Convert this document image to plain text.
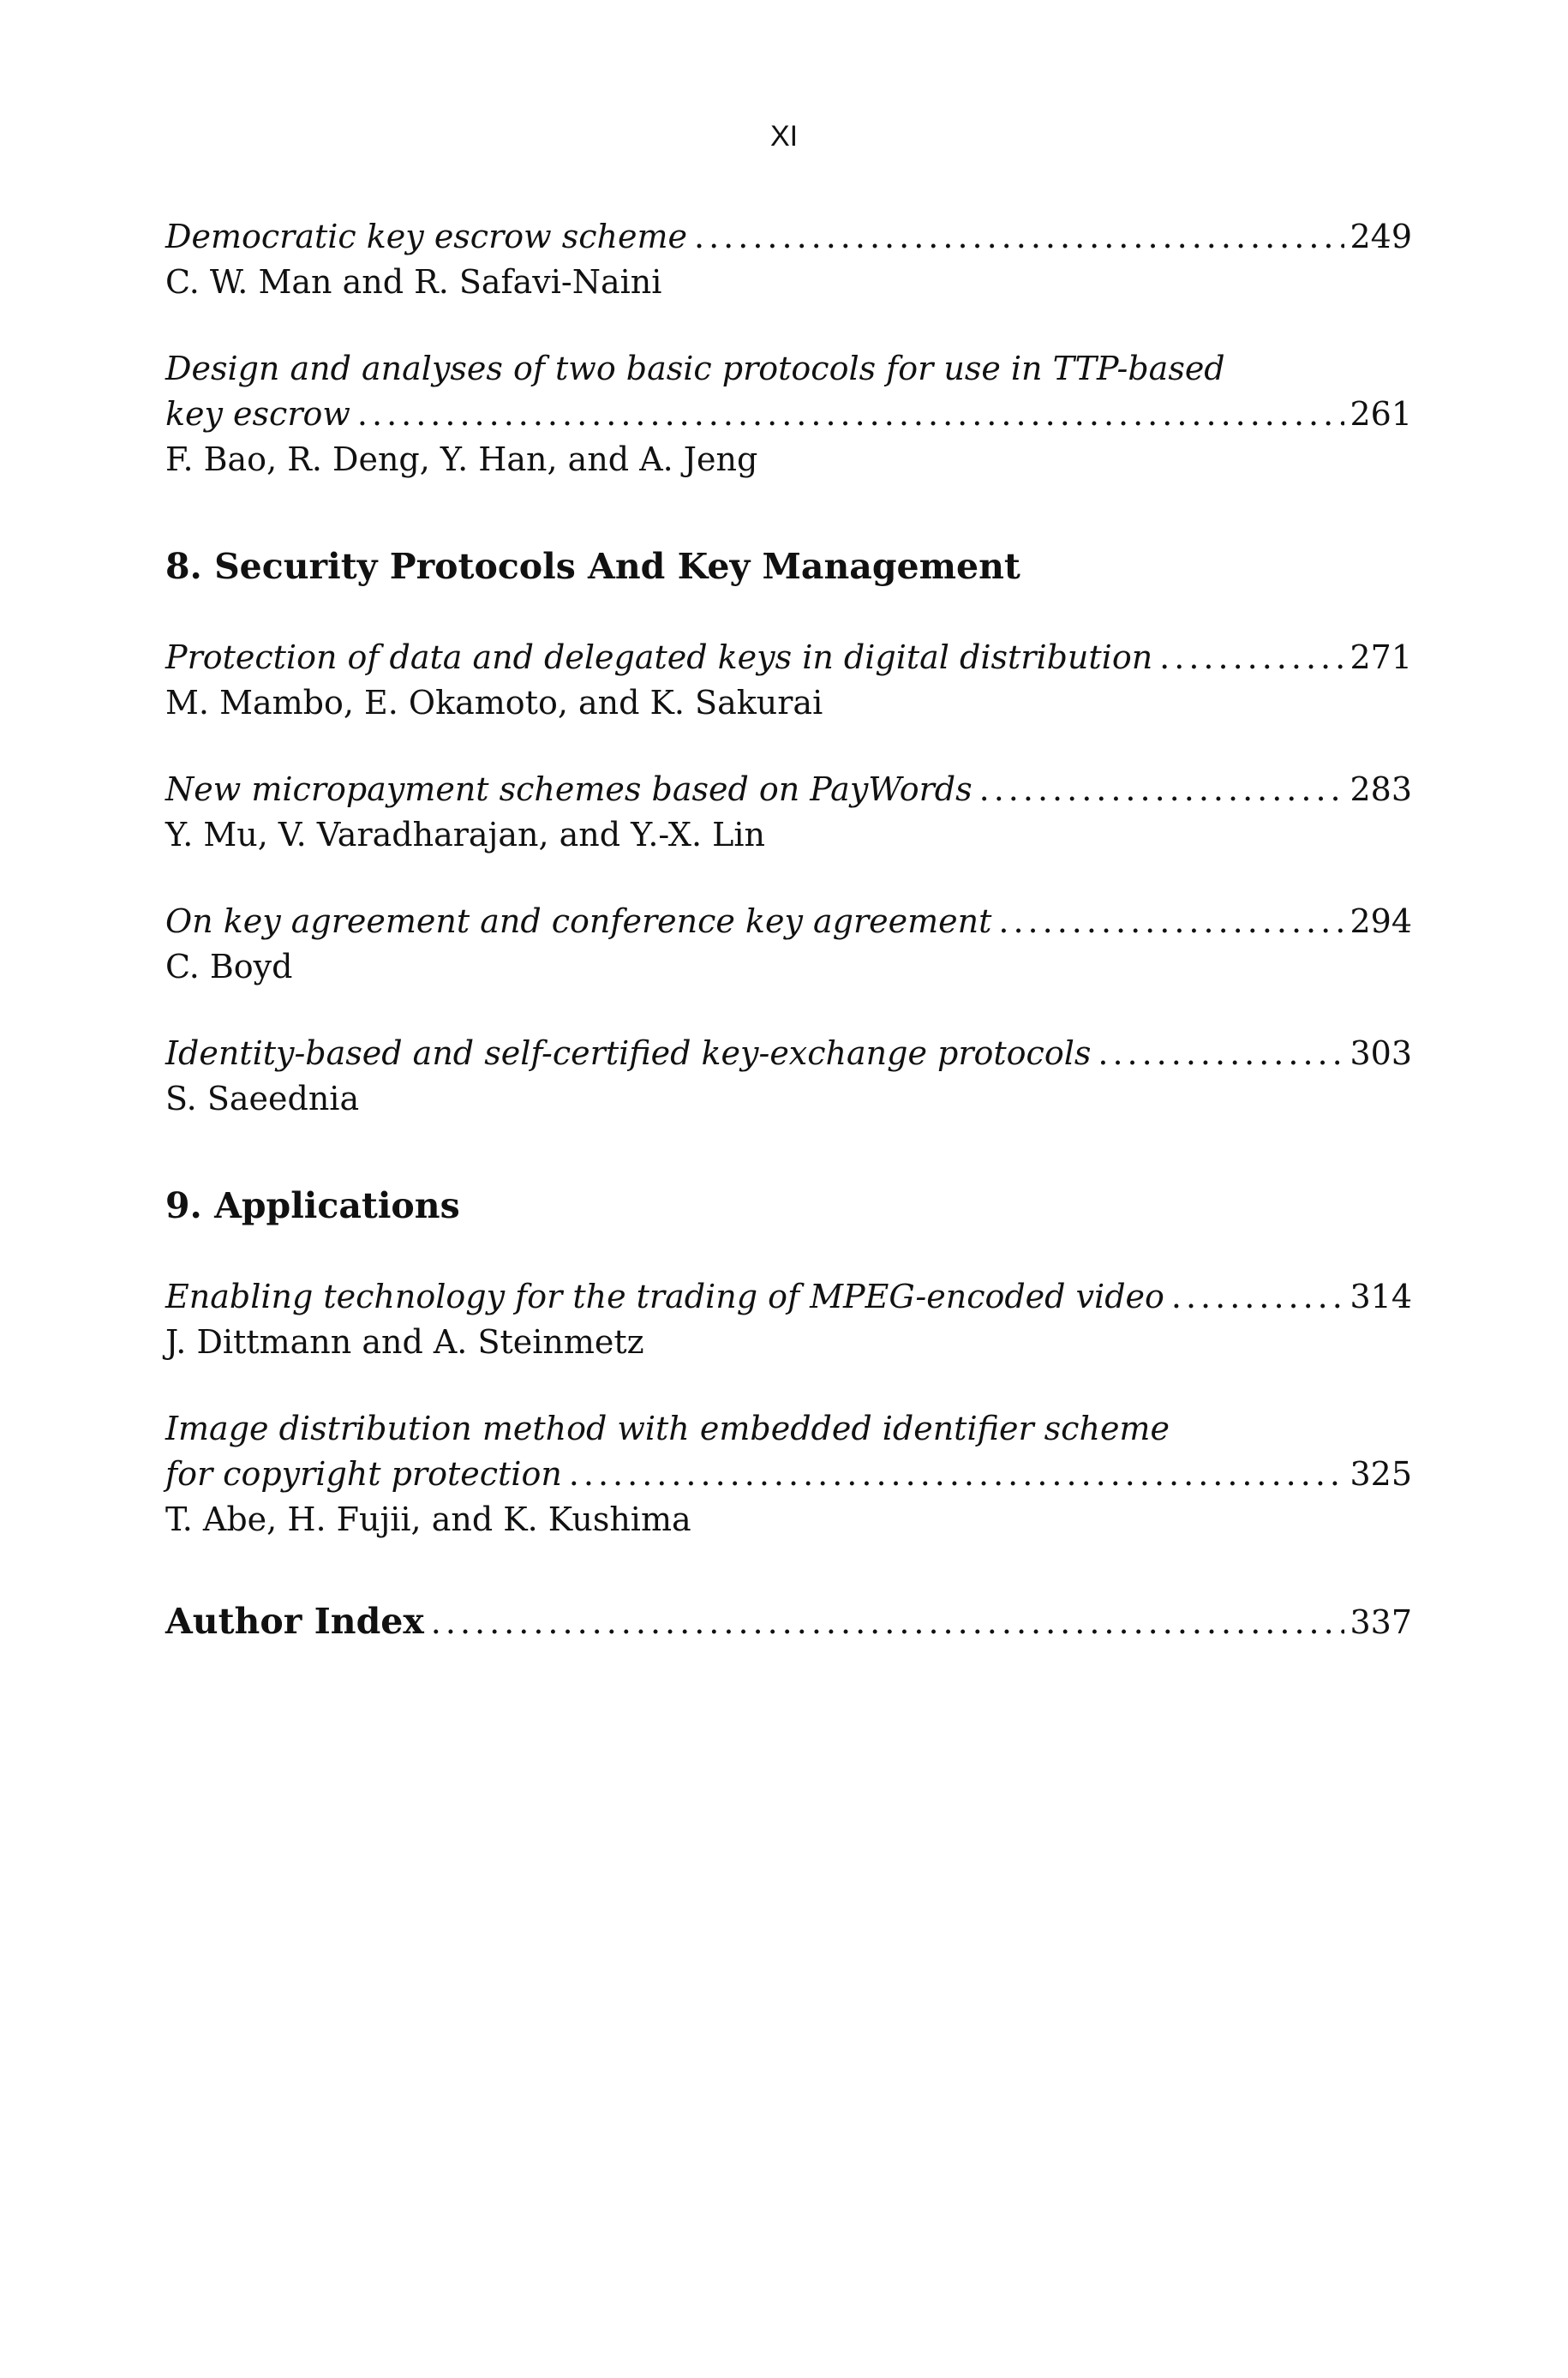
XI
Democratic key escrow scheme .....	249
C. W. Man and R. Safavi-Naini
Design and analyses of two basic protocols for use in TTP-based
key escrow .....	261
F. Bao, R. Deng, Y. Han, and A. Jeng
8. Security Protocols And Key Management
Protection of data and delegated keys in digital distribution .....	271
M. Mambo, E. Okamoto, and K. Sakurai
New micropayment schemes based on PayWords .....	283
Y. Mu, V. Varadharajan, and Y.-X. Lin
On key agreement and conference key agreement .....	294
C. Boyd
Identity-based and self-certified key-exchange protocols .....	303
S. Saeednia
9. Applications
Enabling technology for the trading of MPEG-encoded video .....	314
J. Dittmann and A. Steinmetz
Image distribution method with embedded identifier scheme
for copyright protection .....	325
T. Abe, H. Fujii, and K. Kushima
Author Index .....	337
